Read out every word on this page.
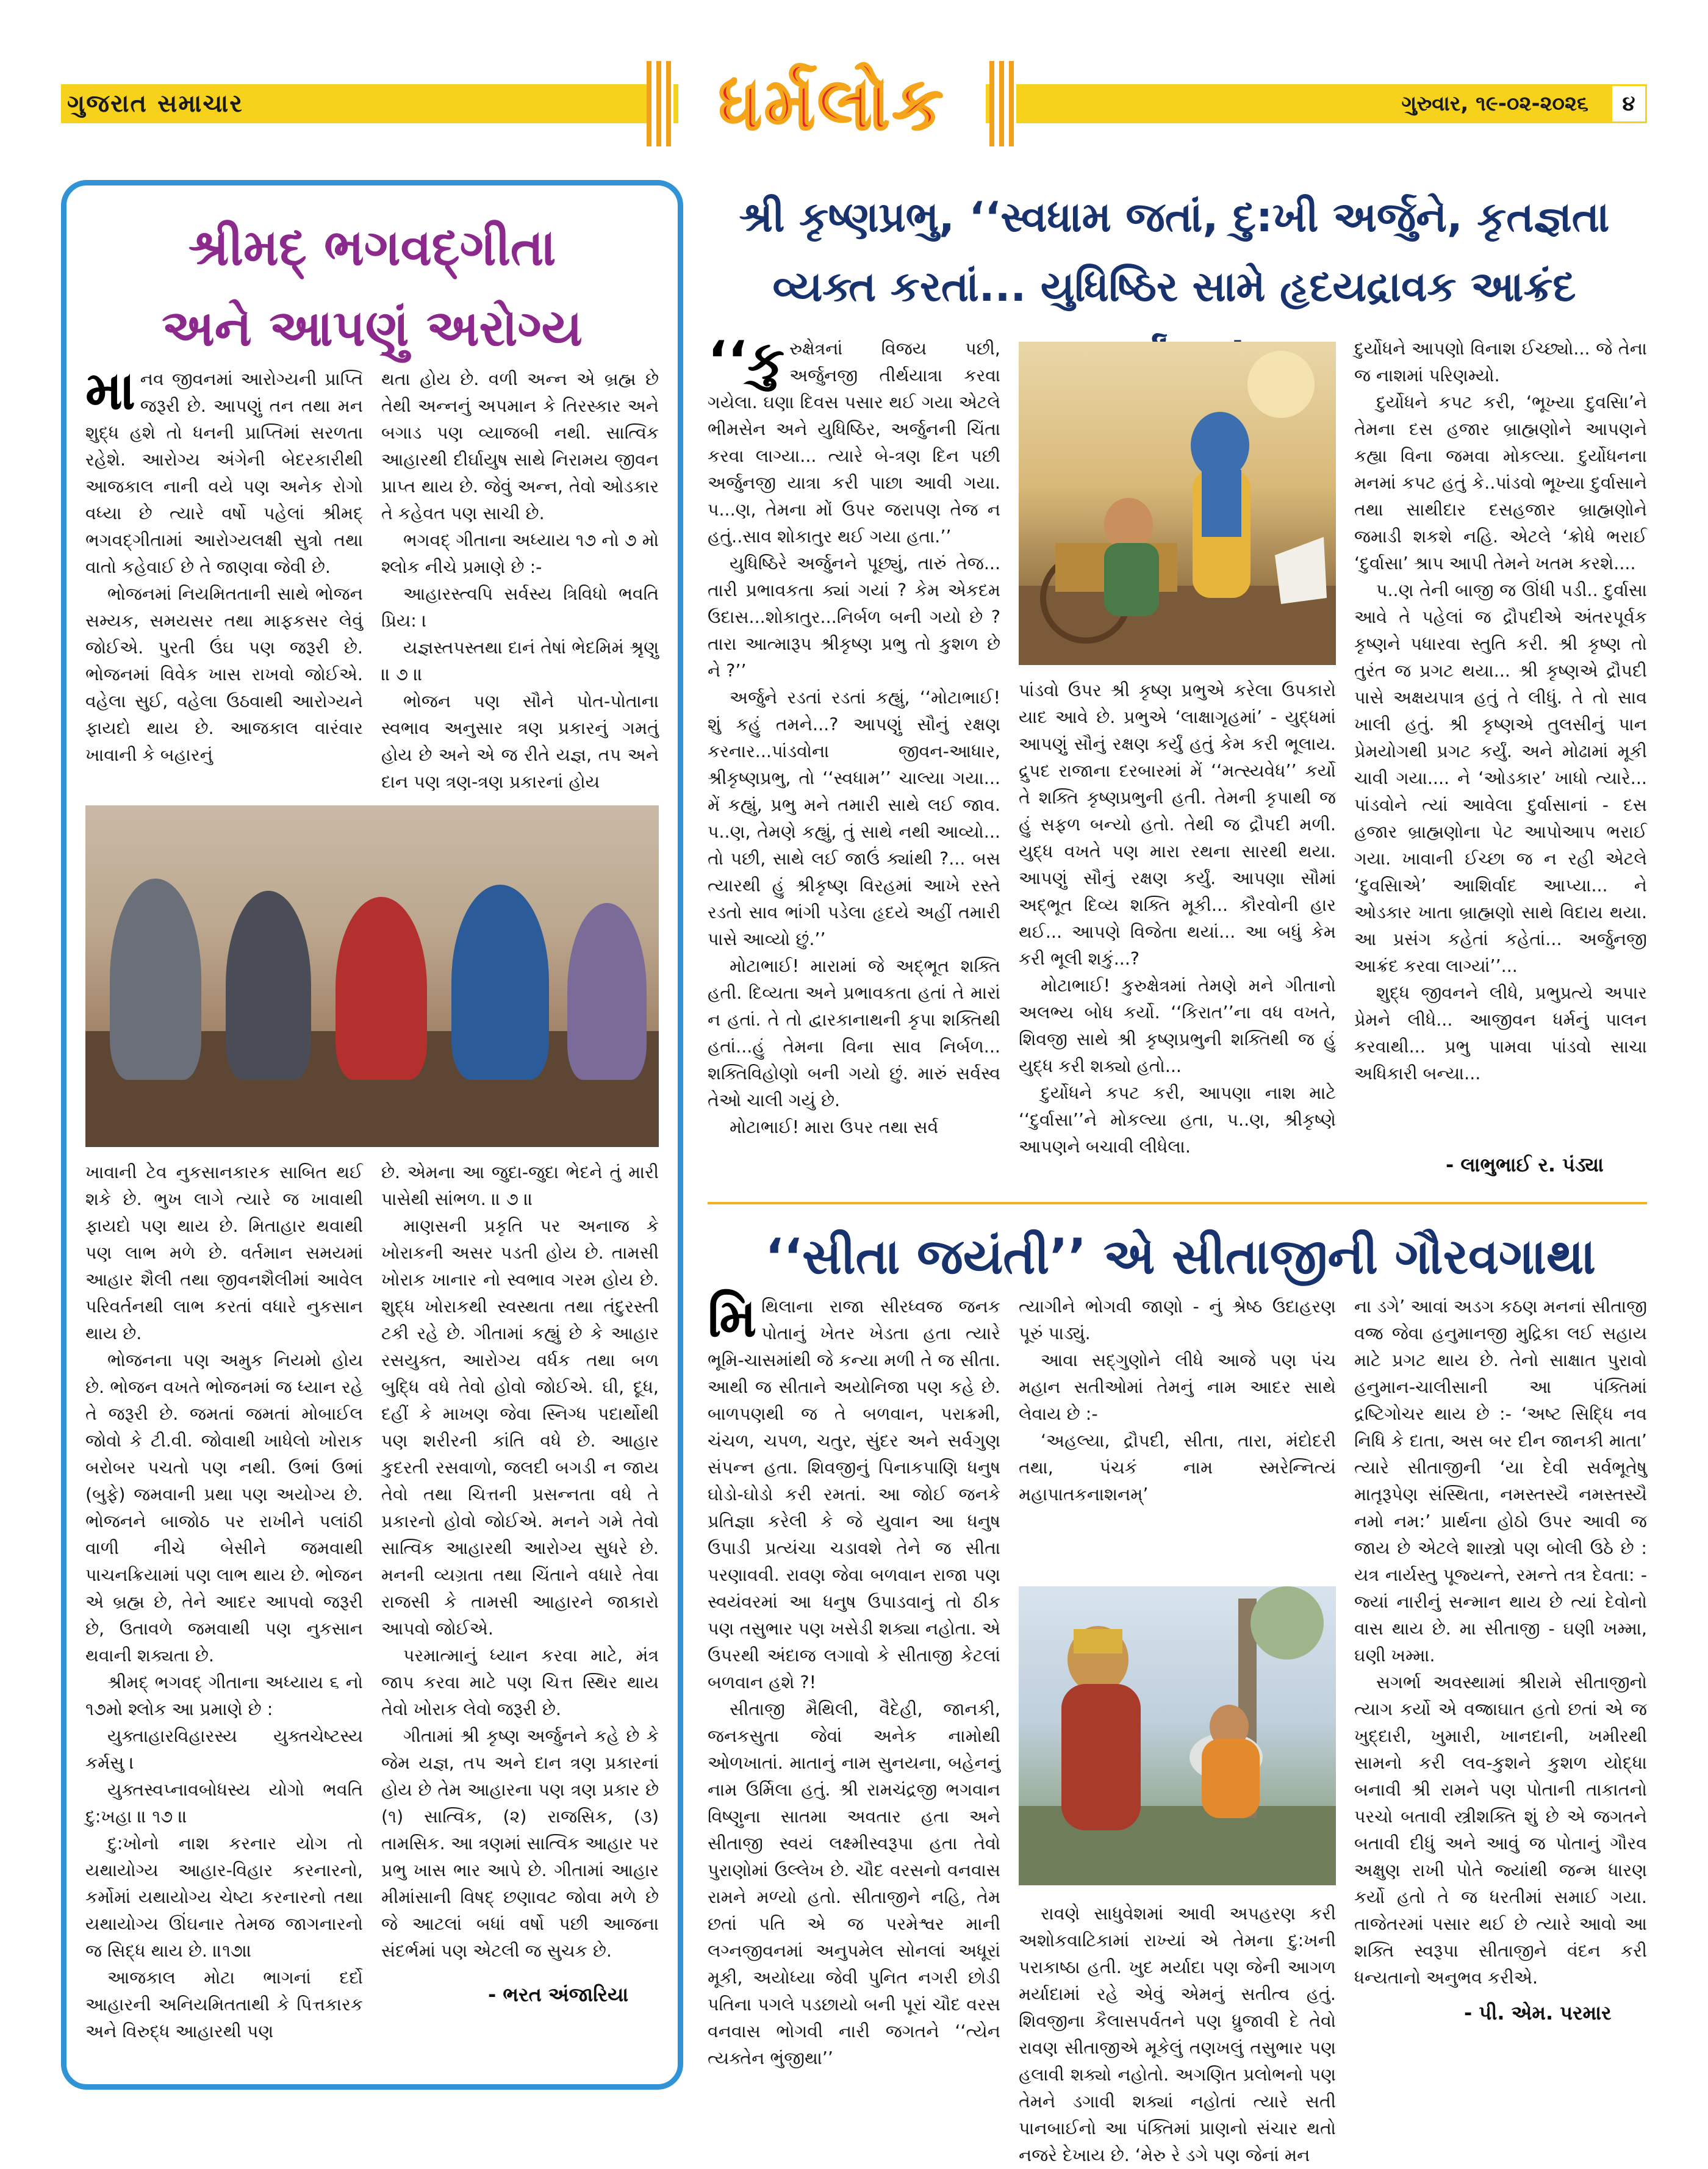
ગુજરાત સમાચાર	ધર્મલોક	ગુરુવાર, ૧૯-૦૨-૨૦૨૬	૪
શ્રીમદ્ ભગવદ્ગીતા
અને આપણું અરોગ્ય

માનવ જીવનમાં આરોગ્યની પ્રાપ્તિ જરૂરી છે. આપણું તન તથા મન શુદ્ધ હશે તો ધનની પ્રાપ્તિમાં સરળતા રહેશે. આરોગ્ય અંગેની બેદરકારીથી આજકાલ નાની વયે પણ અનેક રોગો વધ્યા છે ત્યારે વર્ષો પહેલાં શ્રીમદ્ ભગવદ્ગીતામાં આરોગ્યલક્ષી સુત્રો તથા વાતો કહેવાઈ છે તે જાણવા જેવી છે.

ભોજનમાં નિયમિતતાની સાથે ભોજન સમ્યક, સમયસર તથા માફકસર લેવું જોઈએ. પુરતી ઉંઘ પણ જરૂરી છે. ભોજનમાં વિવેક ખાસ રાખવો જોઈએ. વહેલા સુઈ, વહેલા ઉઠવાથી આરોગ્યને ફાયદો થાય છે. આજકાલ વારંવાર ખાવાની કે બહારનું

થતા હોય છે. વળી અન્ન એ બ્રહ્મ છે તેથી અન્નનું અપમાન કે તિરસ્કાર અને બગાડ પણ વ્યાજબી નથી. સાત્વિક આહારથી દીર્ઘાયુષ સાથે નિરામય જીવન પ્રાપ્ત થાય છે. જેવું અન્ન, તેવો ઓડકાર તે કહેવત પણ સાચી છે.

ભગવદ્ ગીતાના અધ્યાય ૧૭ નો ૭ મો શ્લોક નીચે પ્રમાણે છે :-

આહારસ્ત્વપિ સર્વસ્ય ત્રિવિધો ભવતિ પ્રિય: ।

યજ્ઞસ્તપસ્તથા દાનં તેષાં ભેદમિમં શ્રૃણુ ॥ ૭ ॥

ભોજન પણ સૌને પોત-પોતાના સ્વભાવ અનુસાર ત્રણ પ્રકારનું ગમતું હોય છે અને એ જ રીતે યજ્ઞ, તપ અને દાન પણ ત્રણ-ત્રણ પ્રકારનાં હોય

ખાવાની ટેવ નુકસાનકારક સાબિત થઈ શકે છે. ભુખ લાગે ત્યારે જ ખાવાથી ફાયદો પણ થાય છે. મિતાહાર થવાથી પણ લાભ મળે છે. વર્તમાન સમયમાં આહાર શૈલી તથા જીવનશૈલીમાં આવેલ પરિવર્તનથી લાભ કરતાં વધારે નુકસાન થાય છે.

ભોજનના પણ અમુક નિયમો હોય છે. ભોજન વખતે ભોજનમાં જ ધ્યાન રહે તે જરૂરી છે. જમતાં જમતાં મોબાઈલ જોવો કે ટી.વી. જોવાથી ખાધેલો ખોરાક બરોબર પચતો પણ નથી. ઉભાં ઉભાં (બુફે) જમવાની પ્રથા પણ અયોગ્ય છે. ભોજનને બાજોઠ પર રાખીને પલાંઠી વાળી નીચે બેસીને જમવાથી પાચનક્રિયામાં પણ લાભ થાય છે. ભોજન એ બ્રહ્મ છે, તેને આદર આપવો જરૂરી છે, ઉતાવળે જમવાથી પણ નુકસાન થવાની શક્યતા છે.

શ્રીમદ્ ભગવદ્ ગીતાના અધ્યાય ૬ નો ૧૭મો શ્લોક આ પ્રમાણે છે :

યુક્તાહારવિહારસ્ય યુક્તચેષ્ટસ્ય કર્મસુ ।

યુક્તસ્વપ્નાવબોધસ્ય યોગો ભવતિ દુ:ખહા ॥ ૧૭ ॥

દુ:ખોનો નાશ કરનાર યોગ તો યથાયોગ્ય આહાર-વિહાર કરનારનો, કર્મોમાં યથાયોગ્ય ચેષ્ટા કરનારનો તથા યથાયોગ્ય ઊંઘનાર તેમજ જાગનારનો જ સિદ્ધ થાય છે. ॥૧૭॥

આજકાલ મોટા ભાગનાં દર્દો આહારની અનિયમિતતાથી કે પિત્તકારક અને વિરુદ્ધ આહારથી પણ

છે. એમના આ જુદા-જુદા ભેદને તું મારી પાસેથી સાંભળ. ॥ ૭ ॥

માણસની પ્રકૃતિ પર અનાજ કે ખોરાકની અસર પડતી હોય છે. તામસી ખોરાક ખાનાર નો સ્વભાવ ગરમ હોય છે. શુદ્ધ ખોરાકથી સ્વસ્થતા તથા તંદુરસ્તી ટકી રહે છે. ગીતામાં કહ્યું છે કે આહાર રસયુક્ત, આરોગ્ય વર્ધક તથા બળ બુદ્ધિ વધે તેવો હોવો જોઈએ. ઘી, દૂધ, દહીં કે માખણ જેવા સ્નિગ્ધ પદાર્થોથી પણ શરીરની કાંતિ વધે છે. આહાર કુદરતી રસવાળો, જલદી બગડી ન જાય તેવો તથા ચિત્તની પ્રસન્નતા વધે તે પ્રકારનો હોવો જોઈએ. મનને ગમે તેવો સાત્વિક આહારથી આરોગ્ય સુધરે છે. મનની વ્યગ્રતા તથા ચિંતાને વધારે તેવા રાજસી કે તામસી આહારને જાકારો આપવો જોઈએ.

પરમાત્માનું ધ્યાન કરવા માટે, મંત્ર જાપ કરવા માટે પણ ચિત્ત સ્થિર થાય તેવો ખોરાક લેવો જરૂરી છે.

ગીતામાં શ્રી કૃષ્ણ અર્જુનને કહે છે કે જેમ યજ્ઞ, તપ અને દાન ત્રણ પ્રકારનાં હોય છે તેમ આહારના પણ ત્રણ પ્રકાર છે (૧) સાત્વિક, (૨) રાજસિક, (૩) તામસિક. આ ત્રણમાં સાત્વિક આહાર પર પ્રભુ ખાસ ભાર આપે છે. ગીતામાં આહાર મીમાંસાની વિષદ્ છણાવટ જોવા મળે છે જે આટલાં બધાં વર્ષો પછી આજના સંદર્ભમાં પણ એટલી જ સુચક છે.

- ભરત અંજારિયા
શ્રી કૃષ્ણપ્રભુ, ‘‘સ્વધામ જતાં, દુ:ખી અર્જુને, કૃતજ્ઞતા
વ્યક્ત કરતાં... યુધિષ્ઠિર સામે હૃદયદ્રાવક આક્રંદ

‘‘કુ રુક્ષેત્રનાં વિજય પછી, અર્જુનજી તીર્થયાત્રા કરવા ગયેલા. ઘણા દિવસ પસાર થઈ ગયા એટલે ભીમસેન અને યુધિષ્ઠિર, અર્જુનની ચિંતા કરવા લાગ્યા... ત્યારે બે-ત્રણ દિન પછી અર્જુનજી યાત્રા કરી પાછા આવી ગયા. પ...ણ, તેમના મોં ઉપર જરાપણ તેજ ન હતું..સાવ શોકાતુર થઈ ગયા હતા.’’

યુધિષ્ઠિરે અર્જુનને પૂછ્યું, તારું તેજ... તારી પ્રભાવકતા ક્યાં ગયાં ? કેમ એકદમ ઉદાસ...શોકાતુર...નિર્બળ બની ગયો છે ? તારા આત્મારૂપ શ્રીકૃષ્ણ પ્રભુ તો કુશળ છે ને ?’’

અર્જુને રડતાં રડતાં કહ્યું, ‘‘મોટાભાઈ! શું કહું તમને...? આપણું સૌનું રક્ષણ કરનાર...પાંડવોના જીવન-આધાર, શ્રીકૃષ્ણપ્રભુ, તો ‘‘સ્વધામ’’ ચાલ્યા ગયા... મેં કહ્યું, પ્રભુ મને તમારી સાથે લઈ જાવ. પ..ણ, તેમણે કહ્યું, તું સાથે નથી આવ્યો... તો પછી, સાથે લઈ જાઉં ક્યાંથી ?... બસ ત્યારથી હું શ્રીકૃષ્ણ વિરહમાં આખે રસ્તે રડતો સાવ ભાંગી પડેલા હૃદયે અહીં તમારી પાસે આવ્યો છું.’’

મોટાભાઈ! મારામાં જે અદ્ભૂત શક્તિ હતી. દિવ્યતા અને પ્રભાવકતા હતાં તે મારાં ન હતાં. તે તો દ્વારકાનાથની કૃપા શક્તિથી હતાં...હું તેમના વિના સાવ નિર્બળ... શક્તિવિહોણો બની ગયો છું. મારું સર્વસ્વ તેઓ ચાલી ગયું છે.

મોટાભાઈ! મારા ઉપર તથા સર્વ

પાંડવો ઉપર શ્રી કૃષ્ણ પ્રભુએ કરેલા ઉપકારો યાદ આવે છે. પ્રભુએ ‘લાક્ષાગૃહમાં’ - યુદ્ધમાં આપણું સૌનું રક્ષણ કર્યું હતું કેમ કરી ભૂલાય. દ્રુપદ રાજાના દરબારમાં મેં ‘‘મત્સ્યવેધ’’ કર્યો તે શક્તિ કૃષ્ણપ્રભુની હતી. તેમની કૃપાથી જ હું સફળ બન્યો હતો. તેથી જ દ્રૌપદી મળી. યુદ્ધ વખતે પણ મારા રથના સારથી થયા. આપણું સૌનું રક્ષણ કર્યું. આપણા સૌમાં અદ્ભૂત દિવ્ય શક્તિ મૂકી... કૌરવોની હાર થઈ... આપણે વિજેતા થયાં... આ બધું કેમ કરી ભૂલી શકું...?

મોટાભાઈ! કુરુક્ષેત્રમાં તેમણે મને ગીતાનો અલભ્ય બોધ કર્યો. ‘‘કિરાત’’ના વધ વખતે, શિવજી સાથે શ્રી કૃષ્ણપ્રભુની શક્તિથી જ હું યુદ્ધ કરી શક્યો હતો...

દુર્યોધને કપટ કરી, આપણા નાશ માટે ‘‘દુર્વાસા’’ને મોકલ્યા હતા, પ..ણ, શ્રીકૃષ્ણે આપણને બચાવી લીધેલા.

દુર્યોધને આપણો વિનાશ ઈચ્છ્યો... જે તેના જ નાશમાં પરિણમ્યો.

દુર્યોધને કપટ કરી, ‘ભૂખ્યા દુવસિા’ને તેમના દસ હજાર બ્રાહ્મણોને આપણને કહ્યા વિના જમવા મોકલ્યા. દુર્યોધનના મનમાં કપટ હતું કે..પાંડવો ભૂખ્યા દુર્વાસાને તથા સાથીદાર દસહજાર બ્રાહ્મણોને જમાડી શકશે નહિ. એટલે ‘ક્રોધે ભરાઈ ‘દુર્વાસા’ શ્રાપ આપી તેમને ખતમ કરશે....

પ..ણ તેની બાજી જ ઊંધી પડી.. દુર્વાસા આવે તે પહેલાં જ દ્રૌપદીએ અંતરપૂર્વક કૃષ્ણને પધારવા સ્તુતિ કરી. શ્રી કૃષ્ણ તો તુરંત જ પ્રગટ થયા... શ્રી કૃષ્ણએ દ્રૌપદી પાસે અક્ષયપાત્ર હતું તે લીધું. તે તો સાવ ખાલી હતું. શ્રી કૃષ્ણએ તુલસીનું પાન પ્રેમયોગથી પ્રગટ કર્યું. અને મોઢામાં મૂકી ચાવી ગયા.... ને ‘ઓડકાર’ ખાધો ત્યારે... પાંડવોને ત્યાં આવેલા દુર્વાસાનાં - દસ હજાર બ્રાહ્મણોના પેટ આપોઆપ ભરાઈ ગયા. ખાવાની ઈચ્છા જ ન રહી એટલે ‘દુવસિાએ’ આશિર્વાદ આપ્યા... ને ઓડકાર ખાતા બ્રાહ્મણો સાથે વિદાય થયા. આ પ્રસંગ કહેતાં કહેતાં... અર્જુનજી આક્રંદ કરવા લાગ્યાં’’...

શુદ્ધ જીવનને લીધે, પ્રભુપ્રત્યે અપાર પ્રેમને લીધે... આજીવન ધર્મનું પાલન કરવાથી... પ્રભુ પામવા પાંડવો સાચા અધિકારી બન્યા...

- લાભુભાઈ ર. પંડ્યા
‘‘સીતા જયંતી’’ એ સીતાજીની ગૌરવગાથા

મિથિલાના રાજા સીરધ્વજ જનક પોતાનું ખેતર ખેડતા હતા ત્યારે ભૂમિ-ચાસમાંથી જે કન્યા મળી તે જ સીતા. આથી જ સીતાને અયોનિજા પણ કહે છે. બાળપણથી જ તે બળવાન, પરાક્રમી, ચંચળ, ચપળ, ચતુર, સુંદર અને સર્વગુણ સંપન્ન હતા. શિવજીનું પિનાકપાણિ ધનુષ ઘોડો-ઘોડો કરી રમતાં. આ જોઈ જનકે પ્રતિજ્ઞા કરેલી કે જે યુવાન આ ધનુષ ઉપાડી પ્રત્યંચા ચડાવશે તેને જ સીતા પરણાવવી. રાવણ જેવા બળવાન રાજા પણ સ્વયંવરમાં આ ધનુષ ઉપાડવાનું તો ઠીક પણ તસુભાર પણ ખસેડી શક્યા નહોતા. એ ઉપરથી અંદાજ લગાવો કે સીતાજી કેટલાં બળવાન હશે ?!

સીતાજી મૈથિલી, વૈદેહી, જાનકી, જનકસુતા જેવાં અનેક નામોથી ઓળખાતાં. માતાનું નામ સુનયના, બહેનનું નામ ઉર્મિલા હતું. શ્રી રામચંદ્રજી ભગવાન વિષ્ણુના સાતમા અવતાર હતા અને સીતાજી સ્વયં લક્ષ્મીસ્વરૂપા હતા તેવો પુરાણોમાં ઉલ્લેખ છે. ચૌદ વરસનો વનવાસ રામને મળ્યો હતો. સીતાજીને નહિ, તેમ છતાં પતિ એ જ પરમેશ્વર માની લગ્નજીવનમાં અનુપમેલ સોનલાં અધૂરાં મૂકી, અયોધ્યા જેવી પુનિત નગરી છોડી પતિના પગલે પડછાયો બની પૂરાં ચૌદ વરસ વનવાસ ભોગવી નારી જગતને ‘‘ત્યેન ત્યક્તેન ભુંજીથા’’

ત્યાગીને ભોગવી જાણો - નું શ્રેષ્ઠ ઉદાહરણ પૂરું પાડ્યું.

આવા સદ્ગુણોને લીધે આજે પણ પંચ મહાન સતીઓમાં તેમનું નામ આદર સાથે લેવાય છે :-

‘અહલ્યા, દ્રૌપદી, સીતા, તારા, મંદોદરી તથા, પંચકં નામ સ્મરેન્નિત્યં મહાપાતકનાશનમ્’

રાવણે સાધુવેશમાં આવી અપહરણ કરી અશોકવાટિકામાં રાખ્યાં એ તેમના દુ:ખની પરાકાષ્ઠા હતી. ખુદ મર્યાદા પણ જેની આગળ મર્યાદામાં રહે એવું એમનું સતીત્વ હતું. શિવજીના કૈલાસપર્વતને પણ ધ્રુજાવી દે તેવો રાવણ સીતાજીએ મૂકેલું તણખલું તસુભાર પણ હલાવી શક્યો નહોતો. અગણિત પ્રલોભનો પણ તેમને ડગાવી શક્યાં નહોતાં ત્યારે સતી પાનબાઈનો આ પંક્તિમાં પ્રાણનો સંચાર થતો નજરે દેખાય છે. ‘મેરુ રે ડગે પણ જેનાં મન

ના ડગે’ આવાં અડગ કઠણ મનનાં સીતાજી વજ્ર જેવા હનુમાનજી મુદ્રિકા લઈ સહાય માટે પ્રગટ થાય છે. તેનો સાક્ષાત પુરાવો હનુમાન-ચાલીસાની આ પંક્તિમાં દ્રષ્ટિગોચર થાય છે :- ‘અષ્ટ સિદ્ધિ નવ નિધિ કે દાતા, અસ બર દીન જાનકી માતા’ ત્યારે સીતાજીની ‘યા દેવી સર્વભૂતેષુ માતૃરૂપેણ સંસ્થિતા, નમસ્તસ્યૈ નમસ્તસ્યૈ નમો નમ:’ પ્રાર્થના હોઠો ઉપર આવી જ જાય છે એટલે શાસ્ત્રો પણ બોલી ઉઠે છે : યત્ર નાર્યસ્તુ પૂજ્યન્તે, રમન્તે તત્ર દેવતા: - જ્યાં નારીનું સન્માન થાય છે ત્યાં દેવોનો વાસ થાય છે. મા સીતાજી - ઘણી ખમ્મા, ઘણી ખમ્મા.

સગર્ભા અવસ્થામાં શ્રીરામે સીતાજીનો ત્યાગ કર્યો એ વજ્રાઘાત હતો છતાં એ જ ખુદ્દારી, ખુમારી, ખાનદાની, ખમીરથી સામનો કરી લવ-કુશને કુશળ યોદ્ધા બનાવી શ્રી રામને પણ પોતાની તાકાતનો પરચો બતાવી સ્ત્રીશક્તિ શું છે એ જગતને બતાવી દીધું અને આવું જ પોતાનું ગૌરવ અક્ષુણ રાખી પોતે જ્યાંથી જન્મ ધારણ કર્યો હતો તે જ ધરતીમાં સમાઈ ગયા. તાજેતરમાં પસાર થઈ છે ત્યારે આવો આ શક્તિ સ્વરૂપા સીતાજીને વંદન કરી ધન્યતાનો અનુભવ કરીએ.

- પી. એમ. પરમાર
